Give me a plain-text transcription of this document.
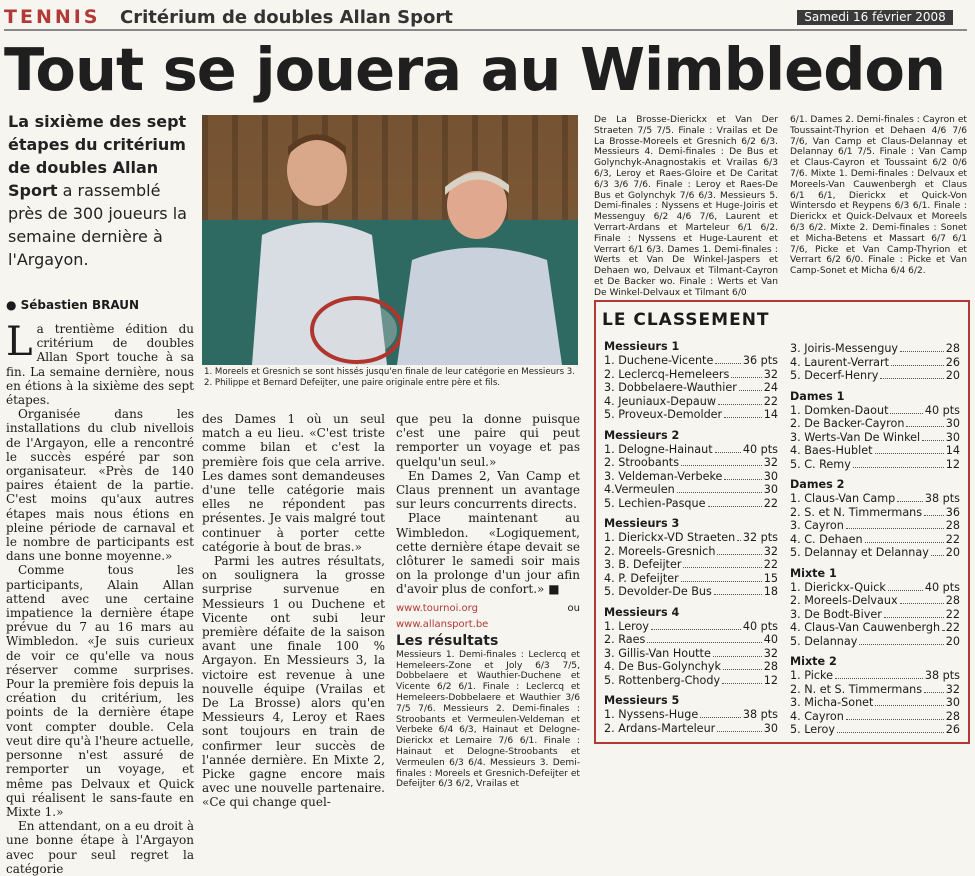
TENNIS Critérium de doubles Allan Sport	Samedi 16 février 2008
Tout se jouera au Wimbledon
La sixième des sept étapes du critérium de doubles Allan Sport a rassemblé près de 300 joueurs la semaine dernière à l'Argayon.
● Sébastien BRAUN

La trentième édition du critérium de doubles Allan Sport touche à sa fin. La semaine dernière, nous en étions à la sixième des sept étapes.

Organisée dans les installations du club nivellois de l'Argayon, elle a rencontré le succès espéré par son organisateur. «Près de 140 paires étaient de la partie. C'est moins qu'aux autres étapes mais nous étions en pleine période de carnaval et le nombre de participants est dans une bonne moyenne.»

Comme tous les participants, Alain Allan attend avec une certaine impatience la dernière étape prévue du 7 au 16 mars au Wimbledon. «Je suis curieux de voir ce qu'elle va nous réserver comme surprises. Pour la première fois depuis la création du critérium, les points de la dernière étape vont compter double. Cela veut dire qu'à l'heure actuelle, personne n'est assuré de remporter un voyage, et même pas Delvaux et Quick qui réalisent le sans-faute en Mixte 1.»

En attendant, on a eu droit à une bonne étape à l'Argayon avec pour seul regret la catégorie

1. Moreels et Gresnich se sont hissés jusqu'en finale de leur catégorie en Messieurs 3. 2. Philippe et Bernard Defeijter, une paire originale entre père et fils.

des Dames 1 où un seul match a eu lieu. «C'est triste comme bilan et c'est la première fois que cela arrive. Les dames sont demandeuses d'une telle catégorie mais elles ne répondent pas présentes. Je vais malgré tout continuer à porter cette catégorie à bout de bras.»

Parmi les autres résultats, on soulignera la grosse surprise survenue en Messieurs 1 ou Duchene et Vicente ont subi leur première défaite de la saison avant une finale 100 % Argayon. En Messieurs 3, la victoire est revenue à une nouvelle équipe (Vrailas et De La Brosse) alors qu'en Messieurs 4, Leroy et Raes sont toujours en train de confirmer leur succès de l'année dernière. En Mixte 2, Picke gagne encore mais avec une nouvelle partenaire. «Ce qui change quel-

que peu la donne puisque c'est une paire qui peut remporter un voyage et pas quelqu'un seul.»

En Dames 2, Van Camp et Claus prennent un avantage sur leurs concurrents directs.

Place maintenant au Wimbledon. «Logiquement, cette dernière étape devait se clôturer le samedi soir mais on la prolonge d'un jour afin d'avoir plus de confort.» ■

www.tournoi.org ou www.allansport.be
Les résultats
Messieurs 1. Demi-finales : Leclercq et Hemeleers-Zone et Joly 6/3 7/5, Dobbelaere et Wauthier-Duchene et Vicente 6/2 6/1. Finale : Leclercq et Hemeleers-Dobbelaere et Wauthier 3/6 7/5 7/6. Messieurs 2. Demi-finales : Stroobants et Vermeulen-Veldeman et Verbeke 6/4 6/3, Hainaut et Delogne-Dierickx et Lemaire 7/6 6/1. Finale : Hainaut et Delogne-Stroobants et Vermeulen 6/3 6/4. Messieurs 3. Demi-finales : Moreels et Gresnich-Defeijter et Defeijter 6/3 6/2, Vrailas et
De La Brosse-Dierickx et Van Der Straeten 7/5 7/5. Finale : Vrailas et De La Brosse-Moreels et Gresnich 6/2 6/3. Messieurs 4. Demi-finales : De Bus et Golynchyk-Anagnostakis et Vrailas 6/3 6/3, Leroy et Raes-Gloire et De Caritat 6/3 3/6 7/6. Finale : Leroy et Raes-De Bus et Golynchyk 7/6 6/3. Messieurs 5. Demi-finales : Nyssens et Huge-Joiris et Messenguy 6/2 4/6 7/6, Laurent et Verrart-Ardans et Marteleur 6/1 6/2. Finale : Nyssens et Huge-Laurent et Verrart 6/1 6/3. Dames 1. Demi-finales : Werts et Van De Winkel-Jaspers et Dehaen wo, Delvaux et Tilmant-Cayron et De Backer wo. Finale : Werts et Van De Winkel-Delvaux et Tilmant 6/0
6/1. Dames 2. Demi-finales : Cayron et Toussaint-Thyrion et Dehaen 4/6 7/6 7/6, Van Camp et Claus-Delannay et Delannay 6/1 7/5. Finale : Van Camp et Claus-Cayron et Toussaint 6/2 0/6 7/6. Mixte 1. Demi-finales : Delvaux et Moreels-Van Cauwenbergh et Claus 6/1 6/1, Dierickx et Quick-Von Wintersdo et Reypens 6/3 6/1. Finale : Dierickx et Quick-Delvaux et Moreels 6/3 6/2. Mixte 2. Demi-finales : Sonet et Micha-Betens et Massart 6/7 6/1 7/6, Picke et Van Camp-Thyrion et Verrart 6/2 6/0. Finale : Picke et Van Camp-Sonet et Micha 6/4 6/2.
LE CLASSEMENT
Messieurs 1
1. Duchene-Vicente	36 pts
2. Leclercq-Hemeleers	32
3. Dobbelaere-Wauthier 24
4. Jeuniaux-Depauw	22
5. Proveux-Demolder	14
Messieurs 2
1. Delogne-Hainaut	40 pts
2. Stroobants	32
3. Veldeman-Verbeke	30
4.Vermeulen	30
5. Lechien-Pasque	22
Messieurs 3
1. Dierickx-VD Straeten 32 pts
2. Moreels-Gresnich	32
3. B. Defeijter	22
4. P. Defeijter	15
5. Devolder-De Bus	18
Messieurs 4
1. Leroy	40 pts
2. Raes	40
3. Gillis-Van Houtte	32
4. De Bus-Golynchyk	28
5. Rottenberg-Chody	12
Messieurs 5
1. Nyssens-Huge	38 pts
2. Ardans-Marteleur	30
3. Joiris-Messenguy	28
4. Laurent-Verrart	26
5. Decerf-Henry	20
Dames 1
1. Domken-Daout	40 pts
2. De Backer-Cayron	30
3. Werts-Van De Winkel 30
4. Baes-Hublet	14
5. C. Remy	12
Dames 2
1. Claus-Van Camp	38 pts
2. S. et N. Timmermans 36
3. Cayron	28
4. C. Dehaen	22
5. Delannay et Delannay 20
Mixte 1
1. Dierickx-Quick	40 pts
2. Moreels-Delvaux	28
3. De Bodt-Biver	22
4. Claus-Van Cauwenbergh 22
5. Delannay	20
Mixte 2
1. Picke	38 pts
2. N. et S. Timmermans 32
3. Micha-Sonet	30
4. Cayron	28
5. Leroy	26
